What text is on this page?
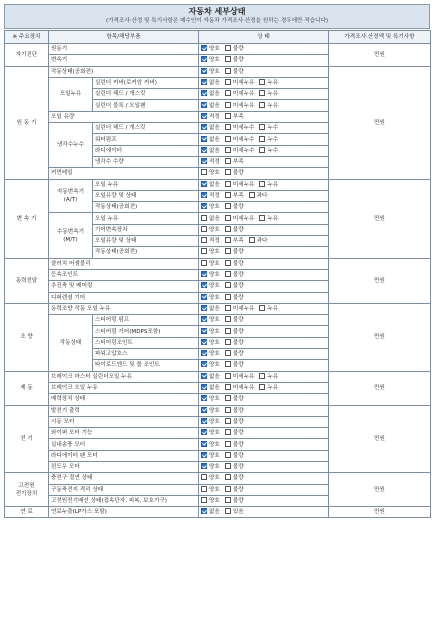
자동차 세부상태
(가격조사·산정 및 특기사항은 매수인이 자동차 가격조사·산정을 원하는 경우에만 적습니다)
※ 주요장치	항목/해당부품		상 태	가격조사·산정액 및 특기사항
자기진단	원동기		양호 불량	만원
	변속기		양호 불량	
원 동 기	작동상태(공회전)		양호 불량	만원
	오일누유	실린더 커버(로커암 커버)	없음 미세누유 누유	
		실린더 헤드 / 개스킷	없음 미세누유 누유	
		실린더 블록 / 오일팬	없음 미세누유 누유	
	오일 유량		적정 부족	
	냉각수누수	실린더 헤드 / 개스킷	없음 미세누수 누수	
		워터펌프	없음 미세누수 누수	
		라디에이터	없음 미세누수 누수	
		냉각수 수량	적정 부족	
	커먼레일		양호 불량	
변 속 기	자동변속기
(A/T)	오일 누유	없음 미세누유 누유	만원
		오일유량 및 상태	적정 부족 과다	
		작동상태(공회전)	양호 불량	
	수동변속기
(M/T)	오일 누유	없음 미세누유 누유	
		기어변속장치	양호 불량	
		오일유량 및 상태	적정 부족 과다	
		작동상태(공회전)	양호 불량	
동력전달	클러치 어셈블리		양호 불량	만원
	등속조인트		양호 불량	
	추진축 및 베어링		양호 불량	
	디퍼렌셜 기어		양호 불량	
조 향	동력조향 작동 오일 누유		없음 미세누유 누유	만원
	작동상태	스티어링 펌프	양호 불량	
		스티어링 기어(MDPS포함)	양호 불량	
		스티어링조인트	양호 불량	
		파워고압호스	양호 불량	
		타이로드엔드 및 볼 조인트	양호 불량	
제 동	브레이크 마스터 실린더오일 누유		없음 미세누유 누유	만원
	브레이크 오일 누유		없음 미세누유 누유	
	배력장치 상태		양호 불량	
전 기	발전기 출력		양호 불량	만원
	시동 모터		양호 불량	
	와이퍼 모터 기능		양호 불량	
	실내송풍 모터		양호 불량	
	라디에이터 팬 모터		양호 불량	
	윈도우 모터		양호 불량	
고전원
전기장치	충전구 절연 상태		양호 불량	만원
	구동축전지 격리 상태		양호 불량	
	고전원전기배선 상태(접속단자, 피복, 보호기구)		양호 불량	
연 료	연료누출(LP가스 포함)		없음 있음	만원
